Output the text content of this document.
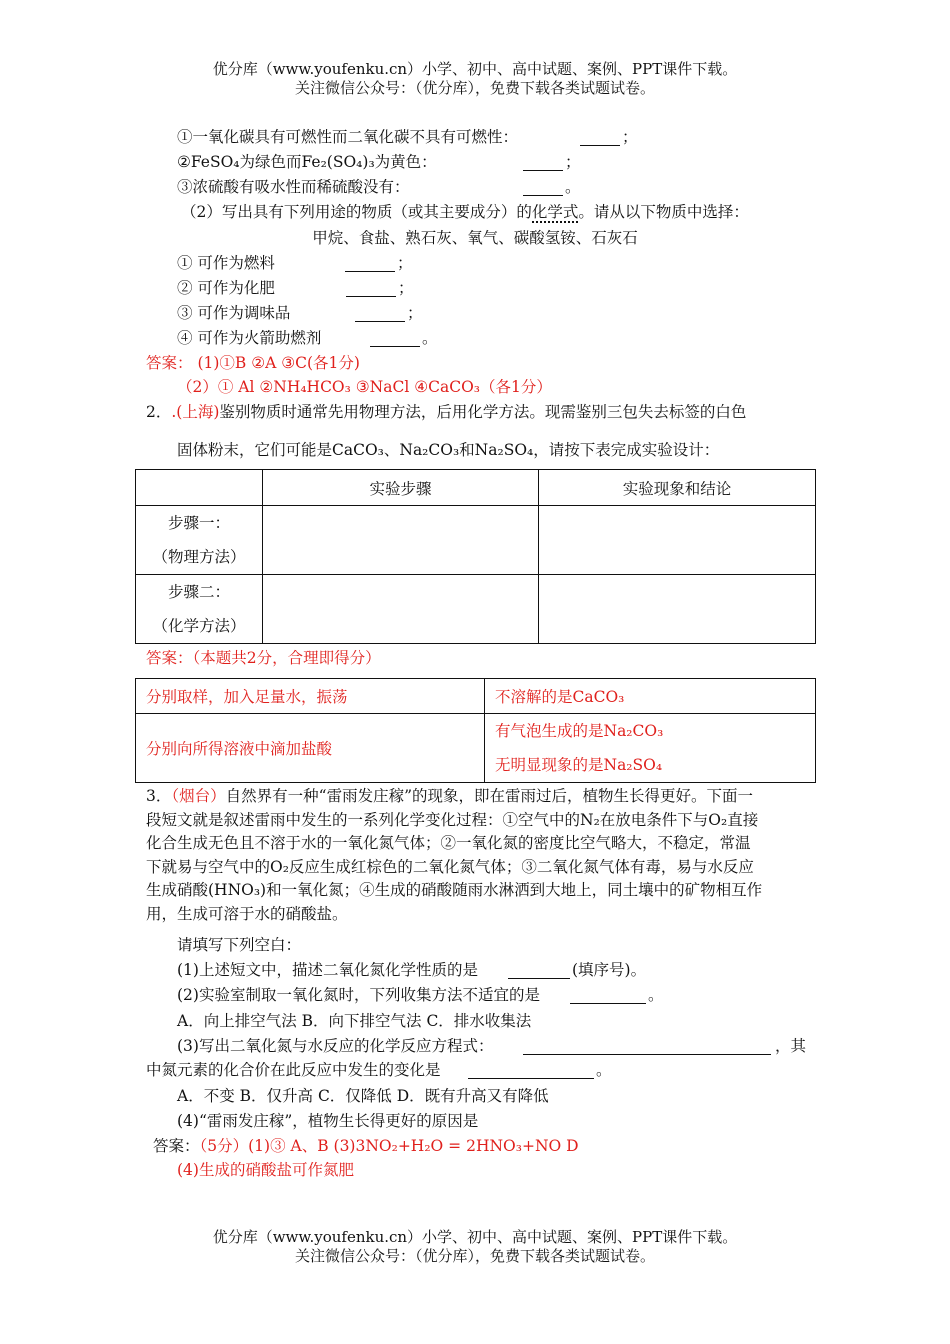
优分库（www.youfenku.cn）小学、初中、高中试题、案例、PPT课件下载。
关注微信公众号：（优分库），免费下载各类试题试卷。
①一氧化碳具有可燃性而二氧化碳不具有可燃性：	；
②FeSO₄为绿色而Fe₂(SO₄)₃为黄色：	；
③浓硫酸有吸水性而稀硫酸没有：	。
（2）写出具有下列用途的物质（或其主要成分）的化学式。请从以下物质中选择：
甲烷、食盐、熟石灰、氧气、碳酸氢铵、石灰石
① 可作为燃料	；
② 可作为化肥	；
③ 可作为调味品	；
④ 可作为火箭助燃剂	。
答案： (1)①B ②A ③C(各1分)
（2）① Al ②NH₄HCO₃ ③NaCl ④CaCO₃（各1分）
2．.(上海)鉴别物质时通常先用物理方法，后用化学方法。现需鉴别三包失去标签的白色
固体粉末，它们可能是CaCO₃、Na₂CO₃和Na₂SO₄，请按下表完成实验设计：
	实验步骤	实验现象和结论

步骤一：
（物理方法）		

步骤二：
（化学方法）		

答案：（本题共2分，合理即得分）
分别取样，加入足量水，振荡	不溶解的是CaCO₃
分别向所得溶液中滴加盐酸	有气泡生成的是Na₂CO₃
无明显现象的是Na₂SO₄
3．（烟台）自然界有一种“雷雨发庄稼”的现象，即在雷雨过后，植物生长得更好。下面一
段短文就是叙述雷雨中发生的一系列化学变化过程：①空气中的N₂在放电条件下与O₂直接
化合生成无色且不溶于水的一氧化氮气体；②一氧化氮的密度比空气略大，不稳定，常温
下就易与空气中的O₂反应生成红棕色的二氧化氮气体；③二氧化氮气体有毒，易与水反应
生成硝酸(HNO₃)和一氧化氮；④生成的硝酸随雨水淋洒到大地上，同土壤中的矿物相互作
用，生成可溶于水的硝酸盐。
请填写下列空白：
(1)上述短文中，描述二氧化氮化学性质的是	(填序号)。
(2)实验室制取一氧化氮时，下列收集方法不适宜的是	。
A．向上排空气法 B．向下排空气法 C．排水收集法
(3)写出二氧化氮与水反应的化学反应方程式：	，其
中氮元素的化合价在此反应中发生的变化是	。
A．不变 B．仅升高 C．仅降低 D．既有升高又有降低
(4)“雷雨发庄稼”，植物生长得更好的原因是
答案：（5分）(1)③ A、B (3)3NO₂+H₂O = 2HNO₃+NO D
(4)生成的硝酸盐可作氮肥
优分库（www.youfenku.cn）小学、初中、高中试题、案例、PPT课件下载。
关注微信公众号：（优分库），免费下载各类试题试卷。
